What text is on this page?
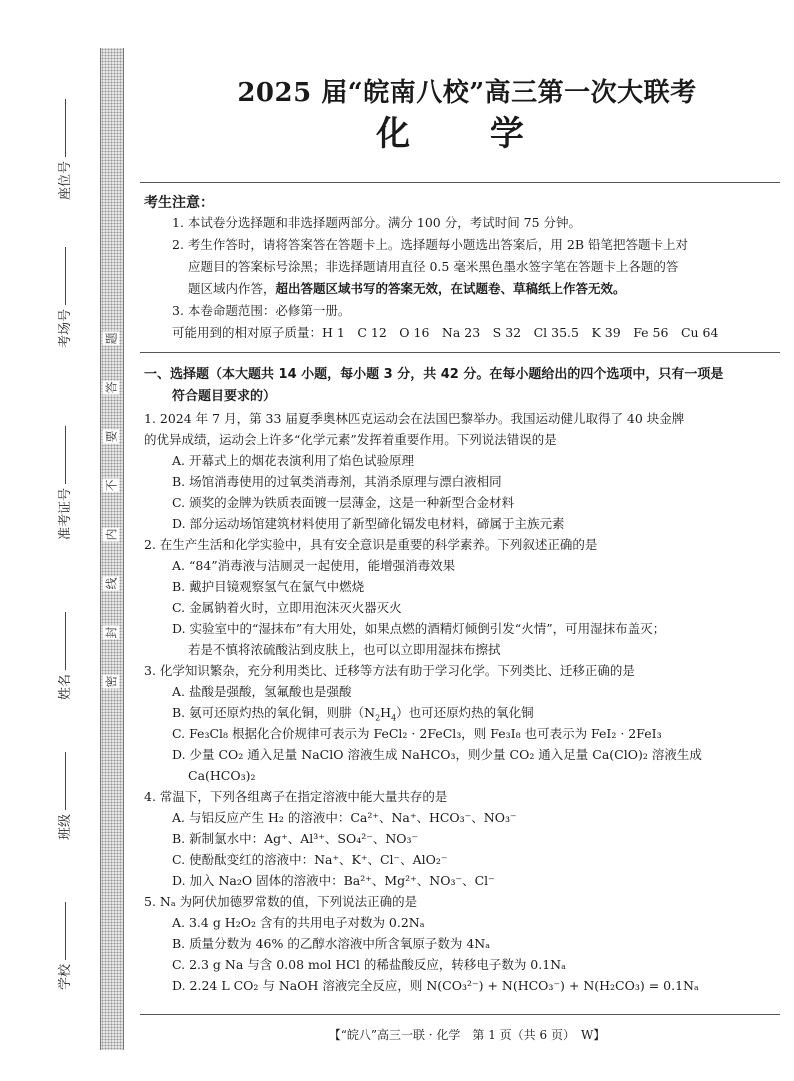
题
答
要
不
内
线
封
密
座位号
考场号
准考证号
姓名
班级
学校
2025 届“皖南八校”高三第一次大联考
化 学
考生注意：
1. 本试卷分选择题和非选择题两部分。满分 100 分，考试时间 75 分钟。
2. 考生作答时，请将答案答在答题卡上。选择题每小题选出答案后，用 2B 铅笔把答题卡上对
应题目的答案标号涂黑；非选择题请用直径 0.5 毫米黑色墨水签字笔在答题卡上各题的答
题区域内作答，超出答题区域书写的答案无效，在试题卷、草稿纸上作答无效。
3. 本卷命题范围：必修第一册。
可能用到的相对原子质量：H 1　C 12　O 16　Na 23　S 32　Cl 35.5　K 39　Fe 56　Cu 64
一、选择题（本大题共 14 小题，每小题 3 分，共 42 分。在每小题给出的四个选项中，只有一项是
符合题目要求的）
1. 2024 年 7 月，第 33 届夏季奥林匹克运动会在法国巴黎举办。我国运动健儿取得了 40 块金牌
的优异成绩，运动会上许多“化学元素”发挥着重要作用。下列说法错误的是
A. 开幕式上的烟花表演利用了焰色试验原理
B. 场馆消毒使用的过氧类消毒剂，其消杀原理与漂白液相同
C. 颁奖的金牌为铁质表面镀一层薄金，这是一种新型合金材料
D. 部分运动场馆建筑材料使用了新型碲化镉发电材料，碲属于主族元素
2. 在生产生活和化学实验中，具有安全意识是重要的科学素养。下列叙述正确的是
A. “84”消毒液与洁厕灵一起使用，能增强消毒效果
B. 戴护目镜观察氢气在氯气中燃烧
C. 金属钠着火时，立即用泡沫灭火器灭火
D. 实验室中的“湿抹布”有大用处，如果点燃的酒精灯倾倒引发“火情”，可用湿抹布盖灭；
若是不慎将浓硫酸沾到皮肤上，也可以立即用湿抹布擦拭
3. 化学知识繁杂，充分利用类比、迁移等方法有助于学习化学。下列类比、迁移正确的是
A. 盐酸是强酸，氢氟酸也是强酸
B. 氨可还原灼热的氧化铜，则肼$(N_2H_4)$也可还原灼热的氧化铜
C. Fe₃Cl₈ 根据化合价规律可表示为 FeCl₂ · 2FeCl₃，则 Fe₃I₈ 也可表示为 FeI₂ · 2FeI₃
D. 少量 CO₂ 通入足量 NaClO 溶液生成 NaHCO₃，则少量 CO₂ 通入足量 Ca(ClO)₂ 溶液生成
Ca(HCO₃)₂
4. 常温下，下列各组离子在指定溶液中能大量共存的是
A. 与铝反应产生 H₂ 的溶液中：Ca²⁺、Na⁺、HCO₃⁻、NO₃⁻
B. 新制氯水中：Ag⁺、Al³⁺、SO₄²⁻、NO₃⁻
C. 使酚酞变红的溶液中：Na⁺、K⁺、Cl⁻、AlO₂⁻
D. 加入 Na₂O 固体的溶液中：Ba²⁺、Mg²⁺、NO₃⁻、Cl⁻
5. Nₐ 为阿伏加德罗常数的值，下列说法正确的是
A. 3.4 g H₂O₂ 含有的共用电子对数为 0.2Nₐ
B. 质量分数为 46% 的乙醇水溶液中所含氧原子数为 4Nₐ
C. 2.3 g Na 与含 0.08 mol HCl 的稀盐酸反应，转移电子数为 0.1Nₐ
D. 2.24 L CO₂ 与 NaOH 溶液完全反应，则 N(CO₃²⁻) + N(HCO₃⁻) + N(H₂CO₃) = 0.1Nₐ
【“皖八”高三一联 · 化学　第 1 页（共 6 页）　W】
